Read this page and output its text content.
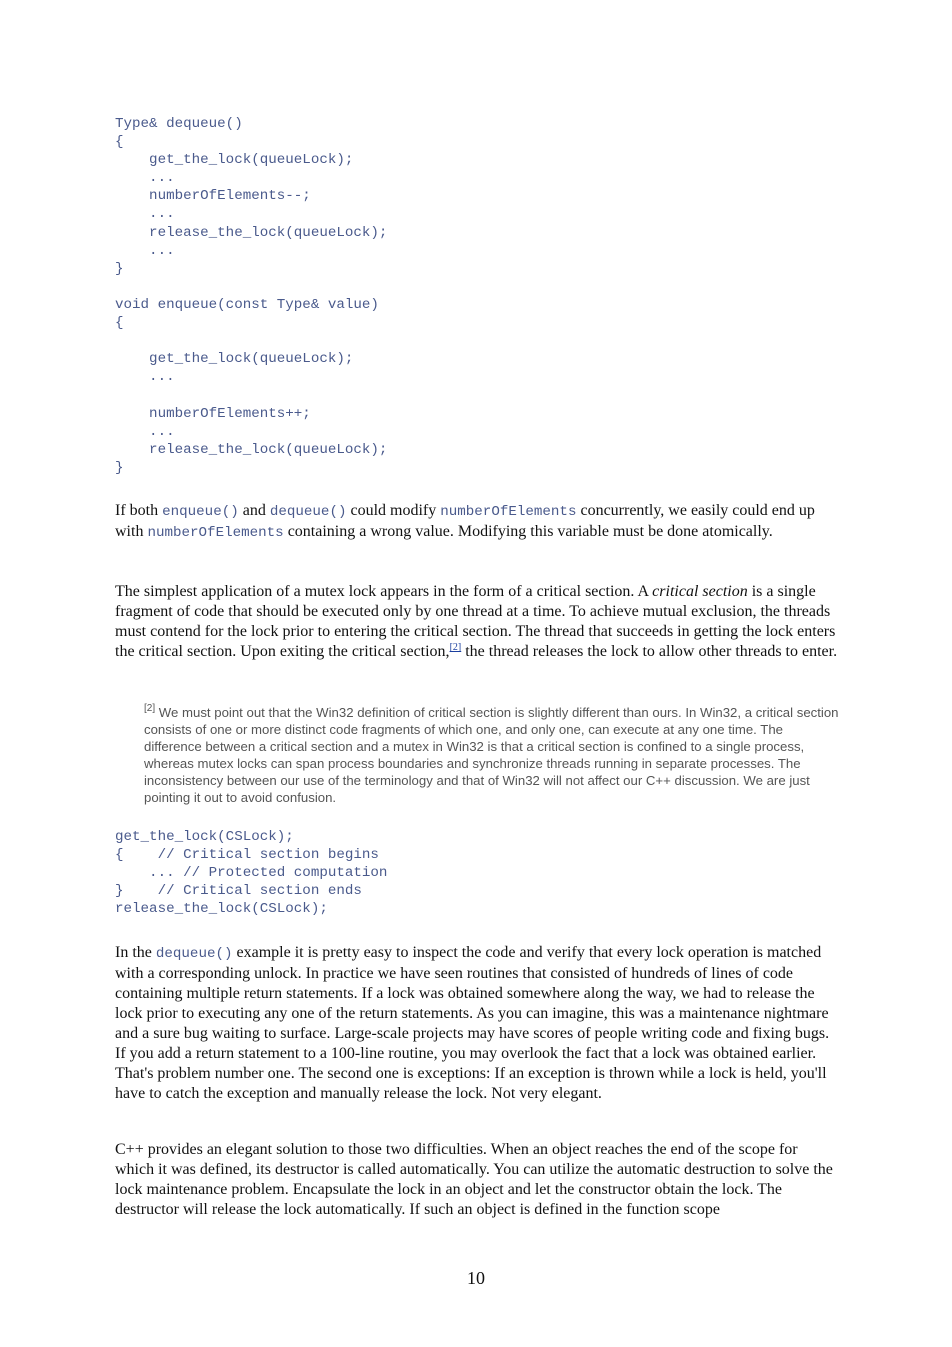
Type& dequeue()
{
get_the_lock(queueLock);
...
numberOfElements--;
...
release_the_lock(queueLock);
...
}
void enqueue(const Type& value)
{

get_the_lock(queueLock);
...

numberOfElements++;
...
release_the_lock(queueLock);
}

If both enqueue() and dequeue() could modify numberOfElements concurrently, we easily could end up with numberOfElements containing a wrong value. Modifying this variable must be done atomically.

The simplest application of a mutex lock appears in the form of a critical section. A critical section is a single fragment of code that should be executed only by one thread at a time. To achieve mutual exclusion, the threads must contend for the lock prior to entering the critical section. The thread that succeeds in getting the lock enters the critical section. Upon exiting the critical section,[2] the thread releases the lock to allow other threads to enter.

[2] We must point out that the Win32 definition of critical section is slightly different than ours. In Win32, a critical section consists of one or more distinct code fragments of which one, and only one, can execute at any one time. The difference between a critical section and a mutex in Win32 is that a critical section is confined to a single process, whereas mutex locks can span process boundaries and synchronize threads running in separate processes. The inconsistency between our use of the terminology and that of Win32 will not affect our C++ discussion. We are just pointing it out to avoid confusion.

get_the_lock(CSLock);
{    // Critical section begins
... // Protected computation
}    // Critical section ends
release_the_lock(CSLock);

In the dequeue() example it is pretty easy to inspect the code and verify that every lock operation is matched with a corresponding unlock. In practice we have seen routines that consisted of hundreds of lines of code containing multiple return statements. If a lock was obtained somewhere along the way, we had to release the lock prior to executing any one of the return statements. As you can imagine, this was a maintenance nightmare and a sure bug waiting to surface. Large-scale projects may have scores of people writing code and fixing bugs. If you add a return statement to a 100-line routine, you may overlook the fact that a lock was obtained earlier. That's problem number one. The second one is exceptions: If an exception is thrown while a lock is held, you'll have to catch the exception and manually release the lock. Not very elegant.

C++ provides an elegant solution to those two difficulties. When an object reaches the end of the scope for which it was defined, its destructor is called automatically. You can utilize the automatic destruction to solve the lock maintenance problem. Encapsulate the lock in an object and let the constructor obtain the lock. The destructor will release the lock automatically. If such an object is defined in the function scope

10
